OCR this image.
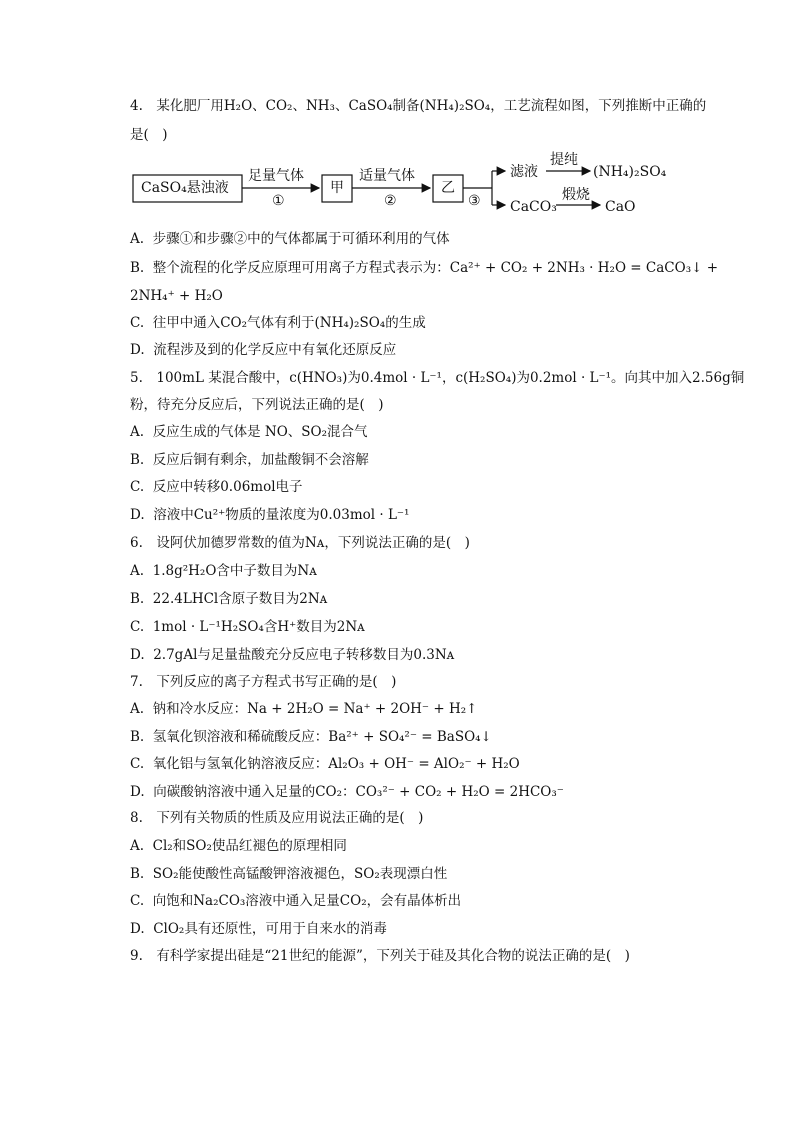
4.　某化肥厂用H₂O、CO₂、NH₃、CaSO₄制备(NH₄)₂SO₄，工艺流程如图，下列推断中正确的
是(　)
CaSO₄悬浊液
足量气体
①
甲
适量气体
②
乙
③
滤液
提纯
(NH₄)₂SO₄
CaCO₃
煅烧
CaO
A.  步骤①和步骤②中的气体都属于可循环利用的气体
B.  整个流程的化学反应原理可用离子方程式表示为：Ca²⁺ + CO₂ + 2NH₃ · H₂O = CaCO₃↓ +
2NH₄⁺ + H₂O
C.  往甲中通入CO₂气体有利于(NH₄)₂SO₄的生成
D.  流程涉及到的化学反应中有氧化还原反应
5.　100mL 某混合酸中，c(HNO₃)为0.4mol · L⁻¹，c(H₂SO₄)为0.2mol · L⁻¹。向其中加入2.56g铜
粉，待充分反应后，下列说法正确的是(　)
A.  反应生成的气体是 NO、SO₂混合气
B.  反应后铜有剩余，加盐酸铜不会溶解
C.  反应中转移0.06mol电子
D.  溶液中Cu²⁺物质的量浓度为0.03mol · L⁻¹
6.　设阿伏加德罗常数的值为Nᴀ，下列说法正确的是(　)
A.  1.8g²H₂O含中子数目为Nᴀ
B.  22.4LHCl含原子数目为2Nᴀ
C.  1mol · L⁻¹H₂SO₄含H⁺数目为2Nᴀ
D.  2.7gAl与足量盐酸充分反应电子转移数目为0.3Nᴀ
7.　下列反应的离子方程式书写正确的是(　)
A.  钠和冷水反应：Na + 2H₂O = Na⁺ + 2OH⁻ + H₂↑
B.  氢氧化钡溶液和稀硫酸反应：Ba²⁺ + SO₄²⁻ = BaSO₄↓
C.  氧化铝与氢氧化钠溶液反应：Al₂O₃ + OH⁻ = AlO₂⁻ + H₂O
D.  向碳酸钠溶液中通入足量的CO₂：CO₃²⁻ + CO₂ + H₂O = 2HCO₃⁻
8.　下列有关物质的性质及应用说法正确的是(　)
A.  Cl₂和SO₂使品红褪色的原理相同
B.  SO₂能使酸性高锰酸钾溶液褪色，SO₂表现漂白性
C.  向饱和Na₂CO₃溶液中通入足量CO₂，会有晶体析出
D.  ClO₂具有还原性，可用于自来水的消毒
9.　有科学家提出硅是“21世纪的能源”，下列关于硅及其化合物的说法正确的是(　)
